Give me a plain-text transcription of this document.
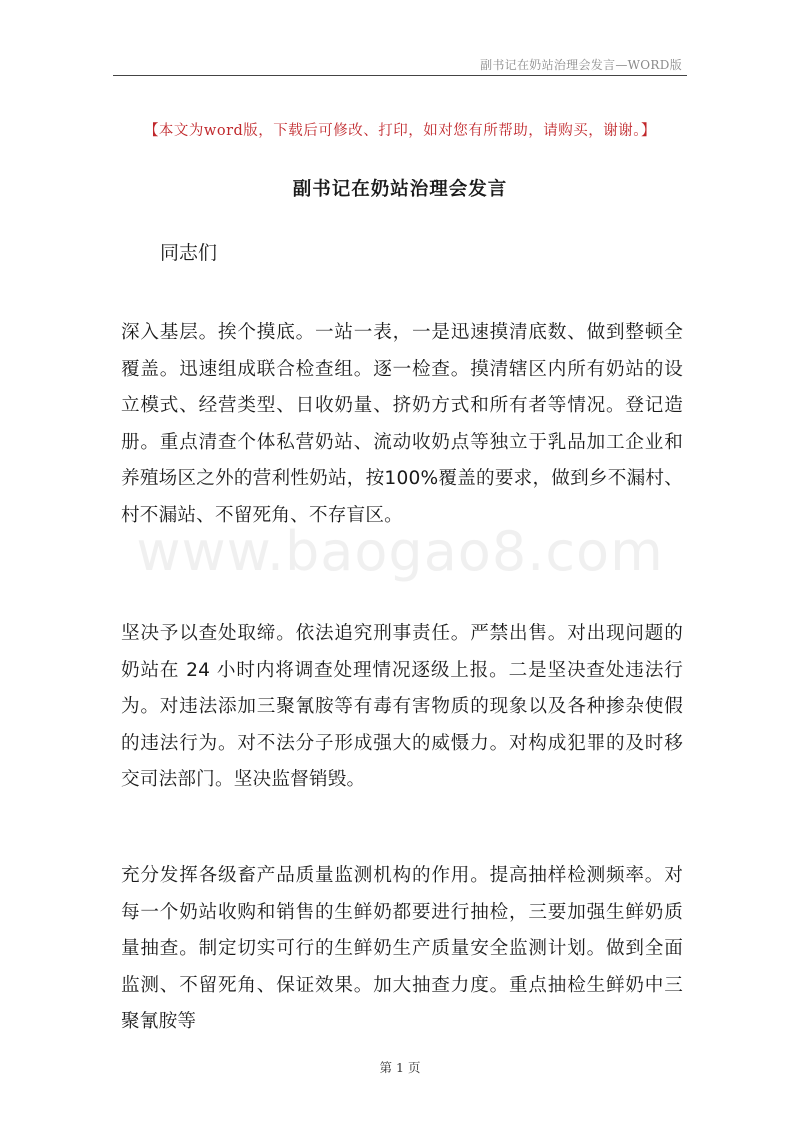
副书记在奶站治理会发言—WORD版
【本文为word版，下载后可修改、打印，如对您有所帮助，请购买，谢谢。】
副书记在奶站治理会发言
同志们
www.baogao8.com

深入基层。挨个摸底。一站一表，一是迅速摸清底数、做到整顿全覆盖。迅速组成联合检查组。逐一检查。摸清辖区内所有奶站的设立模式、经营类型、日收奶量、挤奶方式和所有者等情况。登记造册。重点清查个体私营奶站、流动收奶点等独立于乳品加工企业和养殖场区之外的营利性奶站，按100%覆盖的要求，做到乡不漏村、村不漏站、不留死角、不存盲区。

坚决予以查处取缔。依法追究刑事责任。严禁出售。对出现问题的奶站在 24 小时内将调查处理情况逐级上报。二是坚决查处违法行为。对违法添加三聚氰胺等有毒有害物质的现象以及各种掺杂使假的违法行为。对不法分子形成强大的威慑力。对构成犯罪的及时移交司法部门。坚决监督销毁。

充分发挥各级畜产品质量监测机构的作用。提高抽样检测频率。对每一个奶站收购和销售的生鲜奶都要进行抽检，三要加强生鲜奶质量抽查。制定切实可行的生鲜奶生产质量安全监测计划。做到全面监测、不留死角、保证效果。加大抽查力度。重点抽检生鲜奶中三聚氰胺等

第 1 页
